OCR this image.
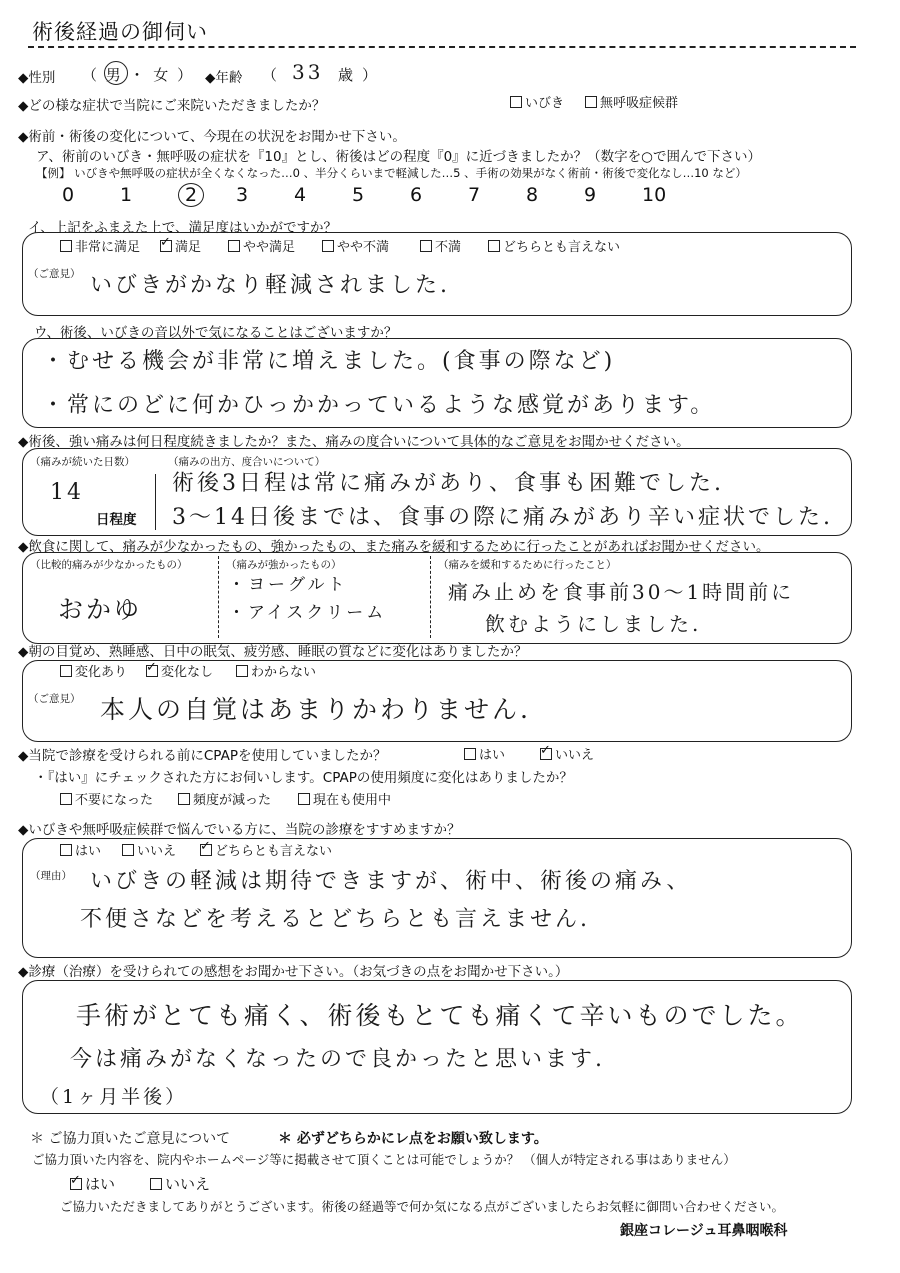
術後経過の御伺い
◆性別 （ 男 ・ 女 ） ◆年齢 （ 33 歳 ）
◆どの様な症状で当院にご来院いただきましたか？	いびき	無呼吸症候群
◆術前・術後の変化について、今現在の状況をお聞かせ下さい。
ア、術前のいびき・無呼吸の症状を『10』とし、術後はどの程度『0』に近づきましたか？（数字を○で囲んで下さい）
【例】 いびきや無呼吸の症状が全くなくなった…0 、半分くらいまで軽減した…5 、手術の効果がなく術前・術後で変化なし…10 など）
0 1	2 3 4 5 6 7 8 9 10
イ、上記をふまえた上で、満足度はいかがですか？
非常に満足 ✓	満足	やや満足	やや不満	不満	どちらとも言えない
（ご意見） いびきがかなり軽減されました.
ウ、術後、いびきの音以外で気になることはございますか？
・むせる機会が非常に増えました。(食事の際など)
・常にのどに何かひっかかっているような感覚があります。
◆術後、強い痛みは何日程度続きましたか？また、痛みの度合いについて具体的なご意見をお聞かせください。
（痛みが続いた日数）
14
日程度
（痛みの出方、度合いについて）
術後3日程は常に痛みがあり、食事も困難でした.
3〜14日後までは、食事の際に痛みがあり辛い症状でした.
◆飲食に関して、痛みが少なかったもの、強かったもの、また痛みを緩和するために行ったことがあればお聞かせください。
（比較的痛みが少なかったもの）
おかゆ
（痛みが強かったもの）
・ヨーグルト
・アイスクリーム
（痛みを緩和するために行ったこと）
痛み止めを食事前30〜1時間前に
飲むようにしました.
◆朝の目覚め、熟睡感、日中の眠気、疲労感、睡眠の質などに変化はありましたか？
変化あり ✓	変化なし	わからない
（ご意見） 本人の自覚はあまりかわりません.
◆当院で診療を受けられる前にCPAPを使用していましたか？	はい ✓	いいえ
・『はい』にチェックされた方にお伺いします。CPAPの使用頻度に変化はありましたか？
不要になった	頻度が減った	現在も使用中
◆いびきや無呼吸症候群で悩んでいる方に、当院の診療をすすめますか？
はい	いいえ ✓	どちらとも言えない
（理由） いびきの軽減は期待できますが、術中、術後の痛み、
不便さなどを考えるとどちらとも言えません.
◆診療（治療）を受けられての感想をお聞かせ下さい。（お気づきの点をお聞かせ下さい。）
手術がとても痛く、術後もとても痛くて辛いものでした。
今は痛みがなくなったので良かったと思います.
（1ヶ月半後）
＊ ご協力頂いたご意見について	＊ 必ずどちらかにレ点をお願い致します。
ご協力頂いた内容を、院内やホームページ等に掲載させて頂くことは可能でしょうか？ （個人が特定される事はありません）
✓はい	いいえ
ご協力いただきましてありがとうございます。術後の経過等で何か気になる点がございましたらお気軽に御問い合わせください。
銀座コレージュ耳鼻咽喉科
